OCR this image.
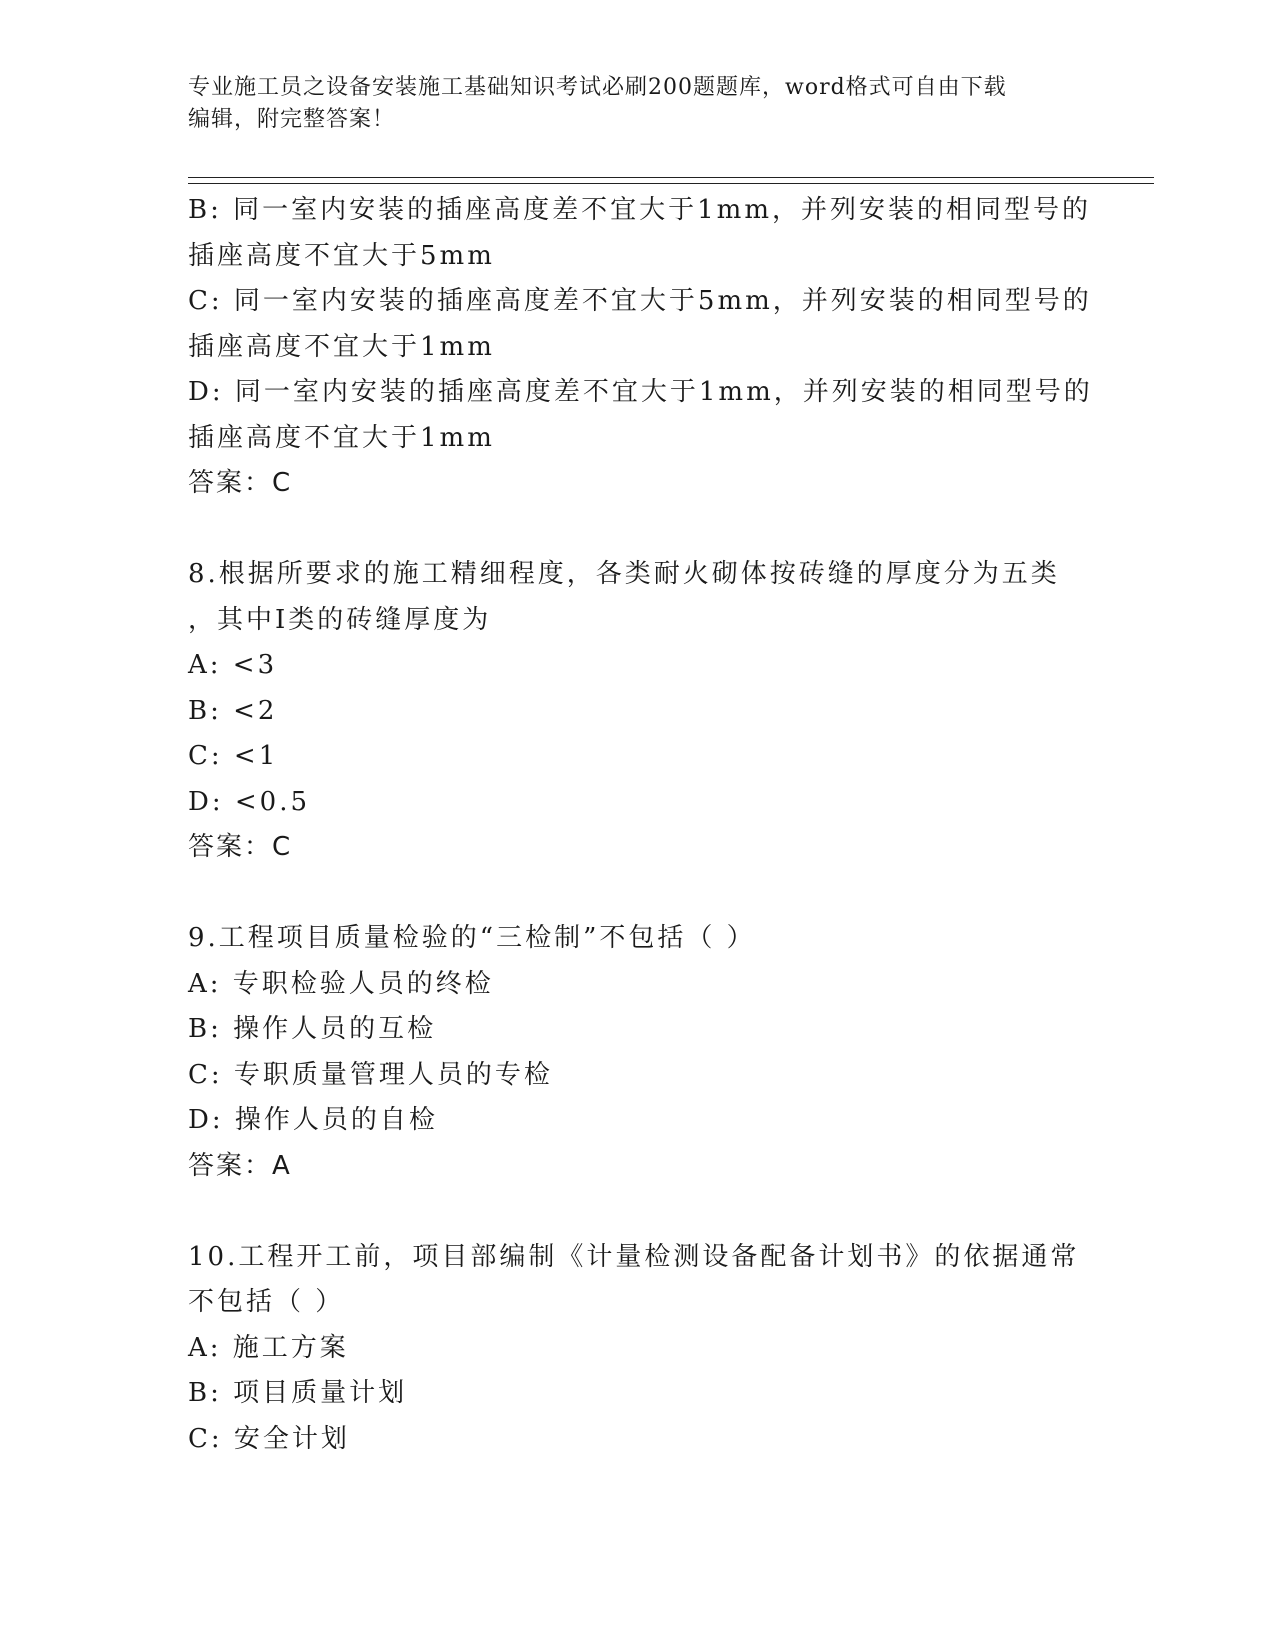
专业施工员之设备安装施工基础知识考试必刷200题题库，word格式可自由下载
编辑，附完整答案！
B: 同一室内安装的插座高度差不宜大于1mm，并列安装的相同型号的
插座高度不宜大于5mm
C: 同一室内安装的插座高度差不宜大于5mm，并列安装的相同型号的
插座高度不宜大于1mm
D: 同一室内安装的插座高度差不宜大于1mm，并列安装的相同型号的
插座高度不宜大于1mm
答案：C
8.根据所要求的施工精细程度，各类耐火砌体按砖缝的厚度分为五类
，其中I类的砖缝厚度为
A: <3
B: <2
C: <1
D: <0.5
答案：C
9.工程项目质量检验的“三检制”不包括（ ）
A: 专职检验人员的终检
B: 操作人员的互检
C: 专职质量管理人员的专检
D: 操作人员的自检
答案：A
10.工程开工前，项目部编制《计量检测设备配备计划书》的依据通常
不包括（ ）
A: 施工方案
B: 项目质量计划
C: 安全计划
